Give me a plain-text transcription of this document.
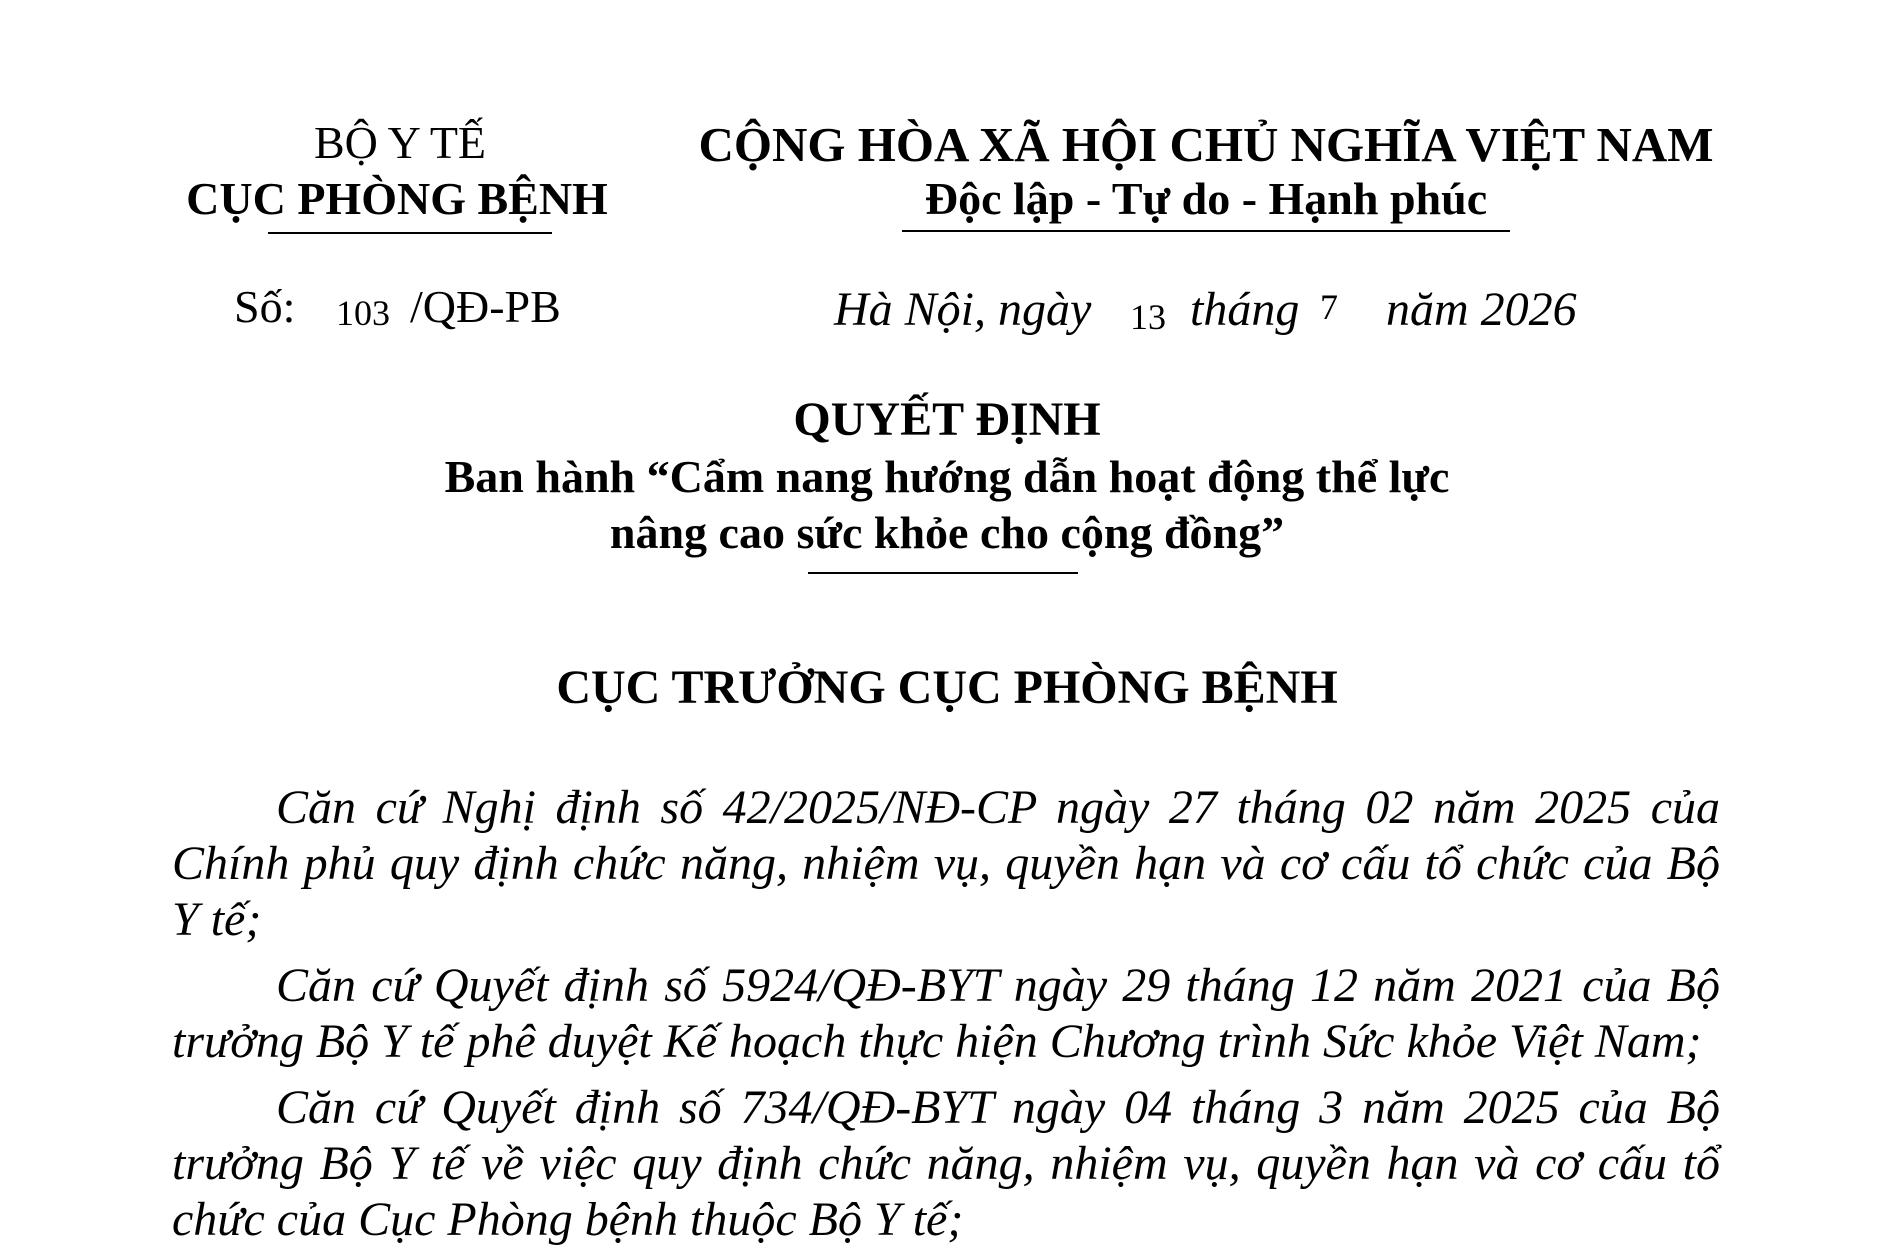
BỘ Y TẾ
CỤC PHÒNG BỆNH
CỘNG HÒA XÃ HỘI CHỦ NGHĨA VIỆT NAM
Độc lập - Tự do - Hạnh phúc
Số: 103 /QĐ-PB	Hà Nội, ngày 13 tháng 7 năm 2026
QUYẾT ĐỊNH
Ban hành “Cẩm nang hướng dẫn hoạt động thể lực
nâng cao sức khỏe cho cộng đồng”
CỤC TRƯỞNG CỤC PHÒNG BỆNH

Căn cứ Nghị định số 42/2025/NĐ-CP ngày 27 tháng 02 năm 2025 của Chính phủ quy định chức năng, nhiệm vụ, quyền hạn và cơ cấu tổ chức của Bộ Y tế;

Căn cứ Quyết định số 5924/QĐ-BYT ngày 29 tháng 12 năm 2021 của Bộ trưởng Bộ Y tế phê duyệt Kế hoạch thực hiện Chương trình Sức khỏe Việt Nam;

Căn cứ Quyết định số 734/QĐ-BYT ngày 04 tháng 3 năm 2025 của Bộ trưởng Bộ Y tế về việc quy định chức năng, nhiệm vụ, quyền hạn và cơ cấu tổ chức của Cục Phòng bệnh thuộc Bộ Y tế;
